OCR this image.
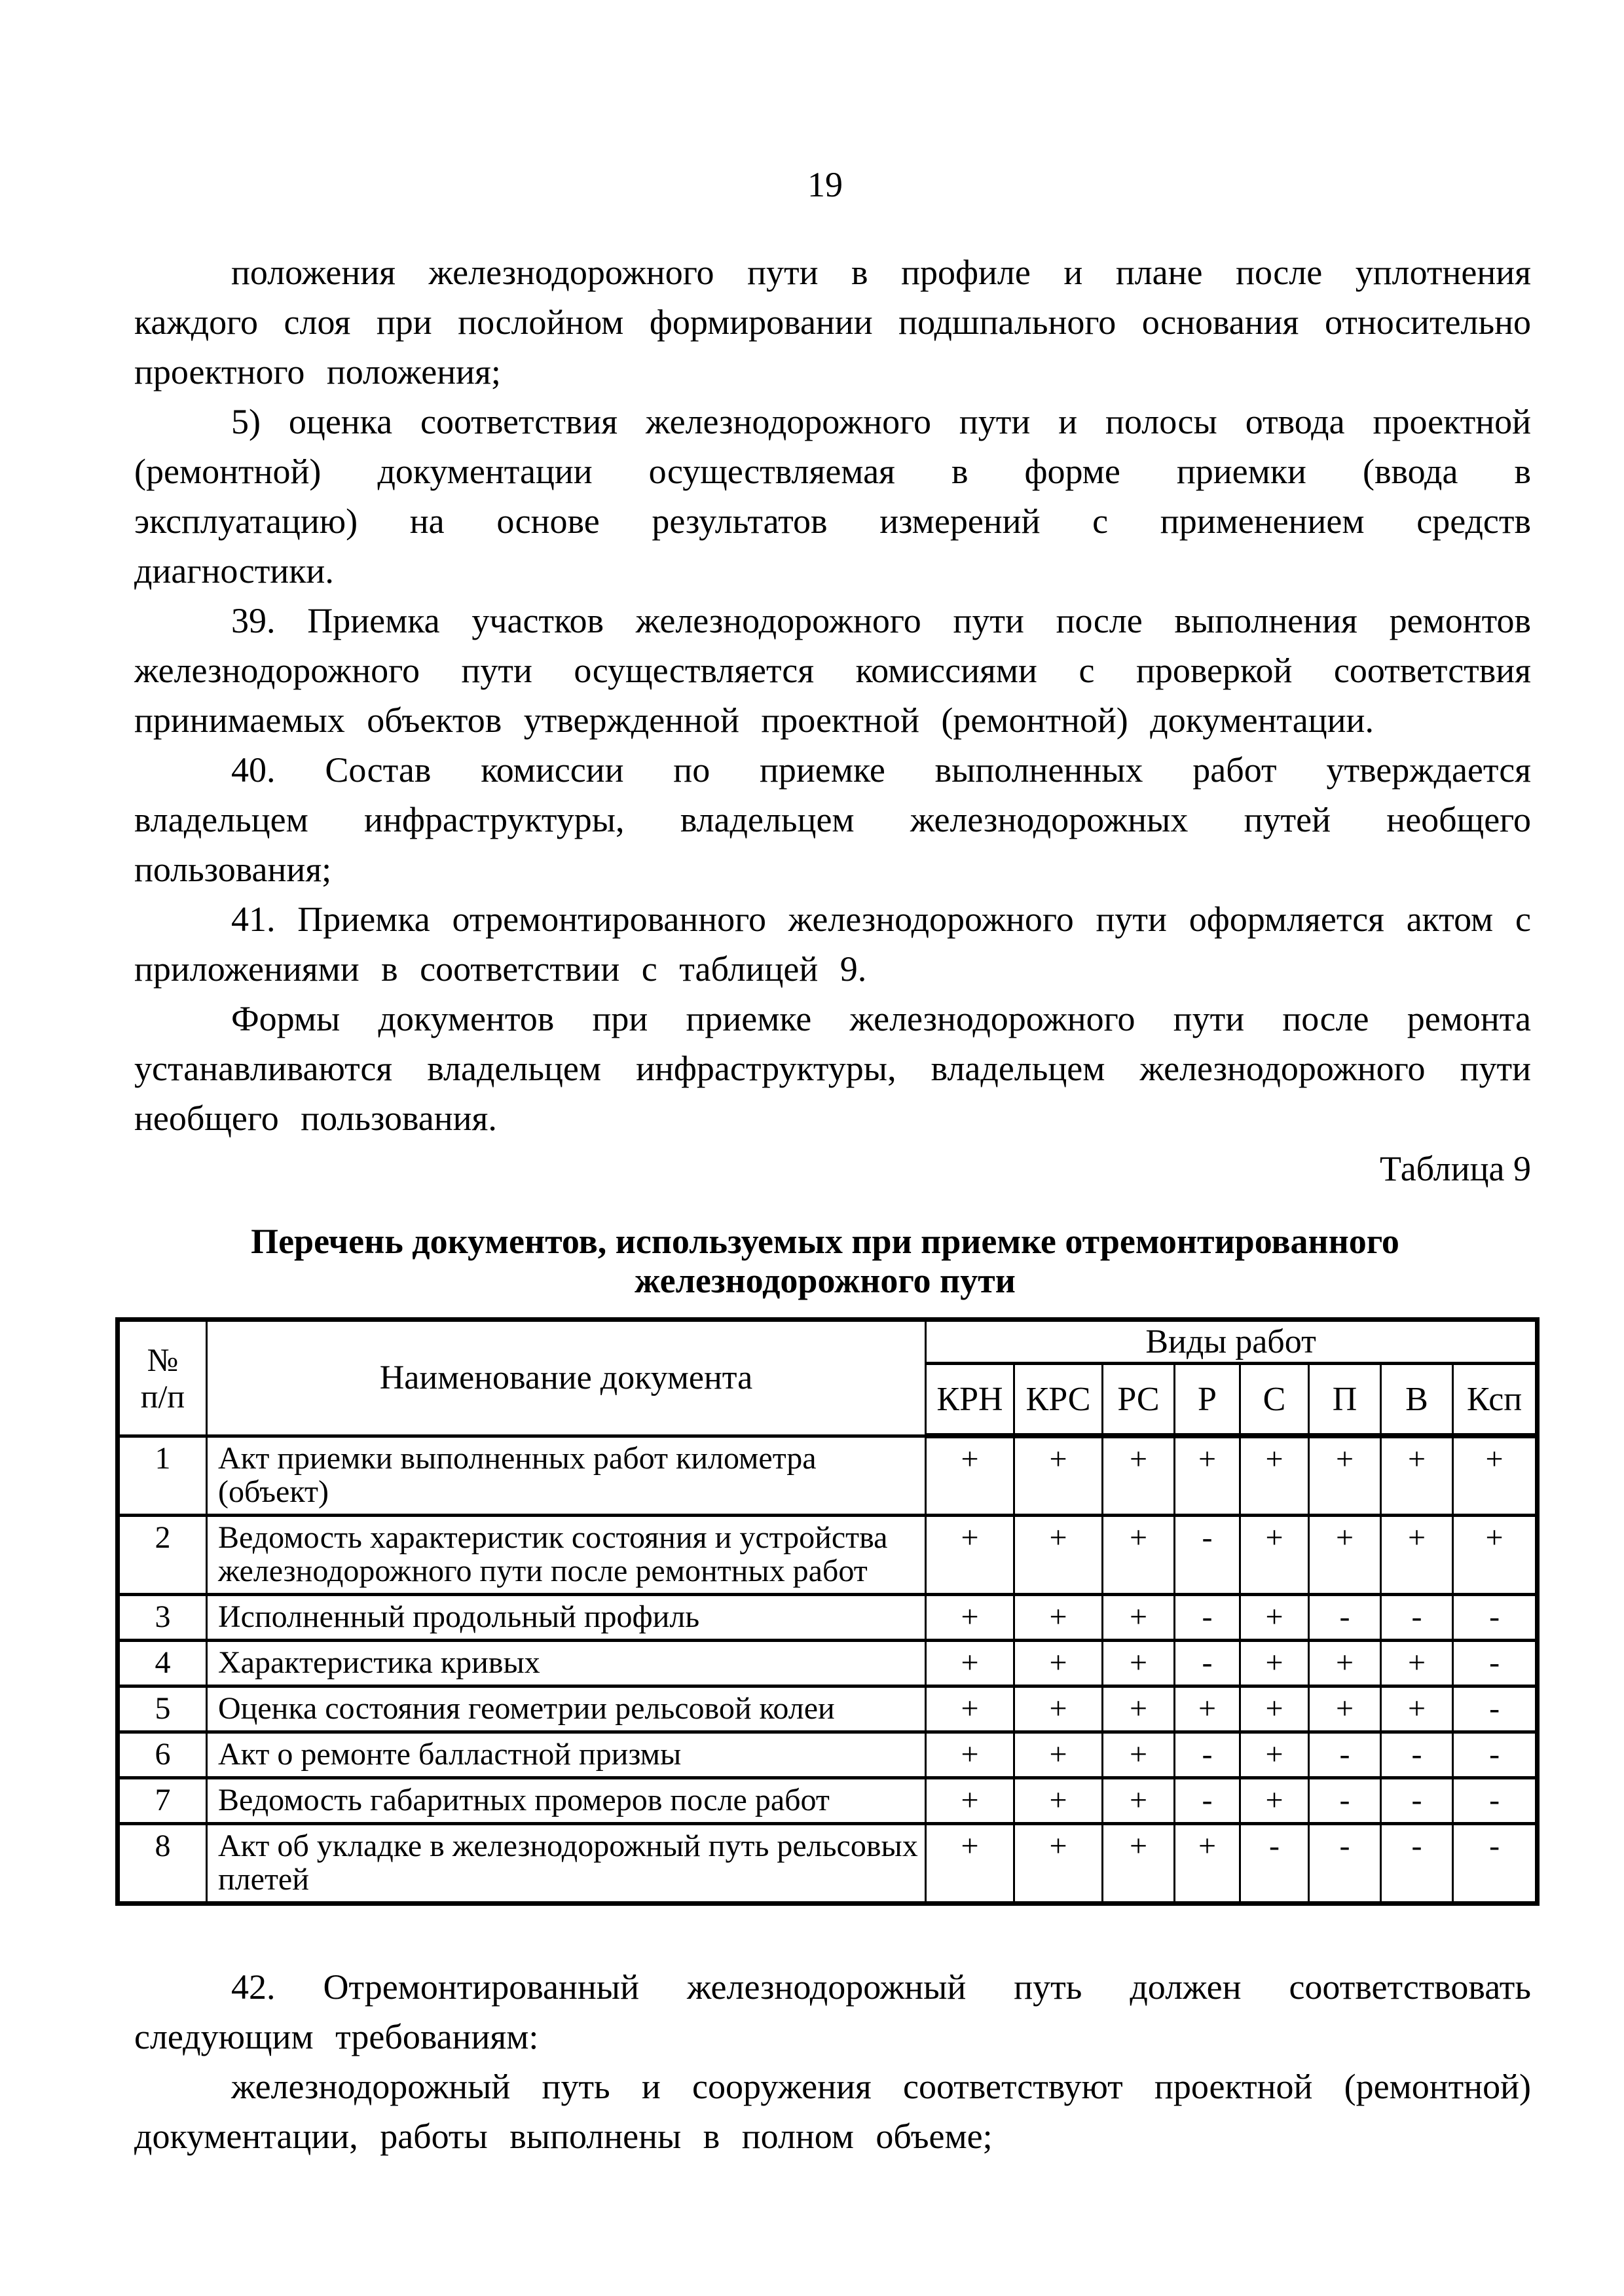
19

положения железнодорожного пути в профиле и плане после уплотнения каждого слоя при послойном формировании подшпального основания относительно проектного положения;

5) оценка соответствия железнодорожного пути и полосы отвода проектной (ремонтной) документации осуществляемая в форме приемки (ввода в эксплуатацию) на основе результатов измерений с применением средств диагностики.

39. Приемка участков железнодорожного пути после выполнения ремонтов железнодорожного пути осуществляется комиссиями с проверкой соответствия принимаемых объектов утвержденной проектной (ремонтной) документации.

40. Состав комиссии по приемке выполненных работ утверждается владельцем инфраструктуры, владельцем железнодорожных путей необщего пользования;

41. Приемка отремонтированного железнодорожного пути оформляется актом с приложениями в соответствии с таблицей 9.

Формы документов при приемке железнодорожного пути после ремонта устанавливаются владельцем инфраструктуры, владельцем железнодорожного пути необщего пользования.

Таблица 9
Перечень документов, используемых при приемке отремонтированного железнодорожного пути
№
п/п	Наименование документа	Виды работ							
		КРН	КРС	РС	Р	С	П	В	Ксп
1	Акт приемки выполненных работ километра (объект)	+	+	+	+	+	+	+	+
2	Ведомость характеристик состояния и устройства железнодорожного пути после ремонтных работ	+	+	+	-	+	+	+	+
3	Исполненный продольный профиль	+	+	+	-	+	-	-	-
4	Характеристика кривых	+	+	+	-	+	+	+	-
5	Оценка состояния геометрии рельсовой колеи	+	+	+	+	+	+	+	-
6	Акт о ремонте балластной призмы	+	+	+	-	+	-	-	-
7	Ведомость габаритных промеров после работ	+	+	+	-	+	-	-	-
8	Акт об укладке в железнодорожный путь рельсовых плетей	+	+	+	+	-	-	-	-

42. Отремонтированный железнодорожный путь должен соответствовать следующим требованиям:

железнодорожный путь и сооружения соответствуют проектной (ремонтной) документации, работы выполнены в полном объеме;
